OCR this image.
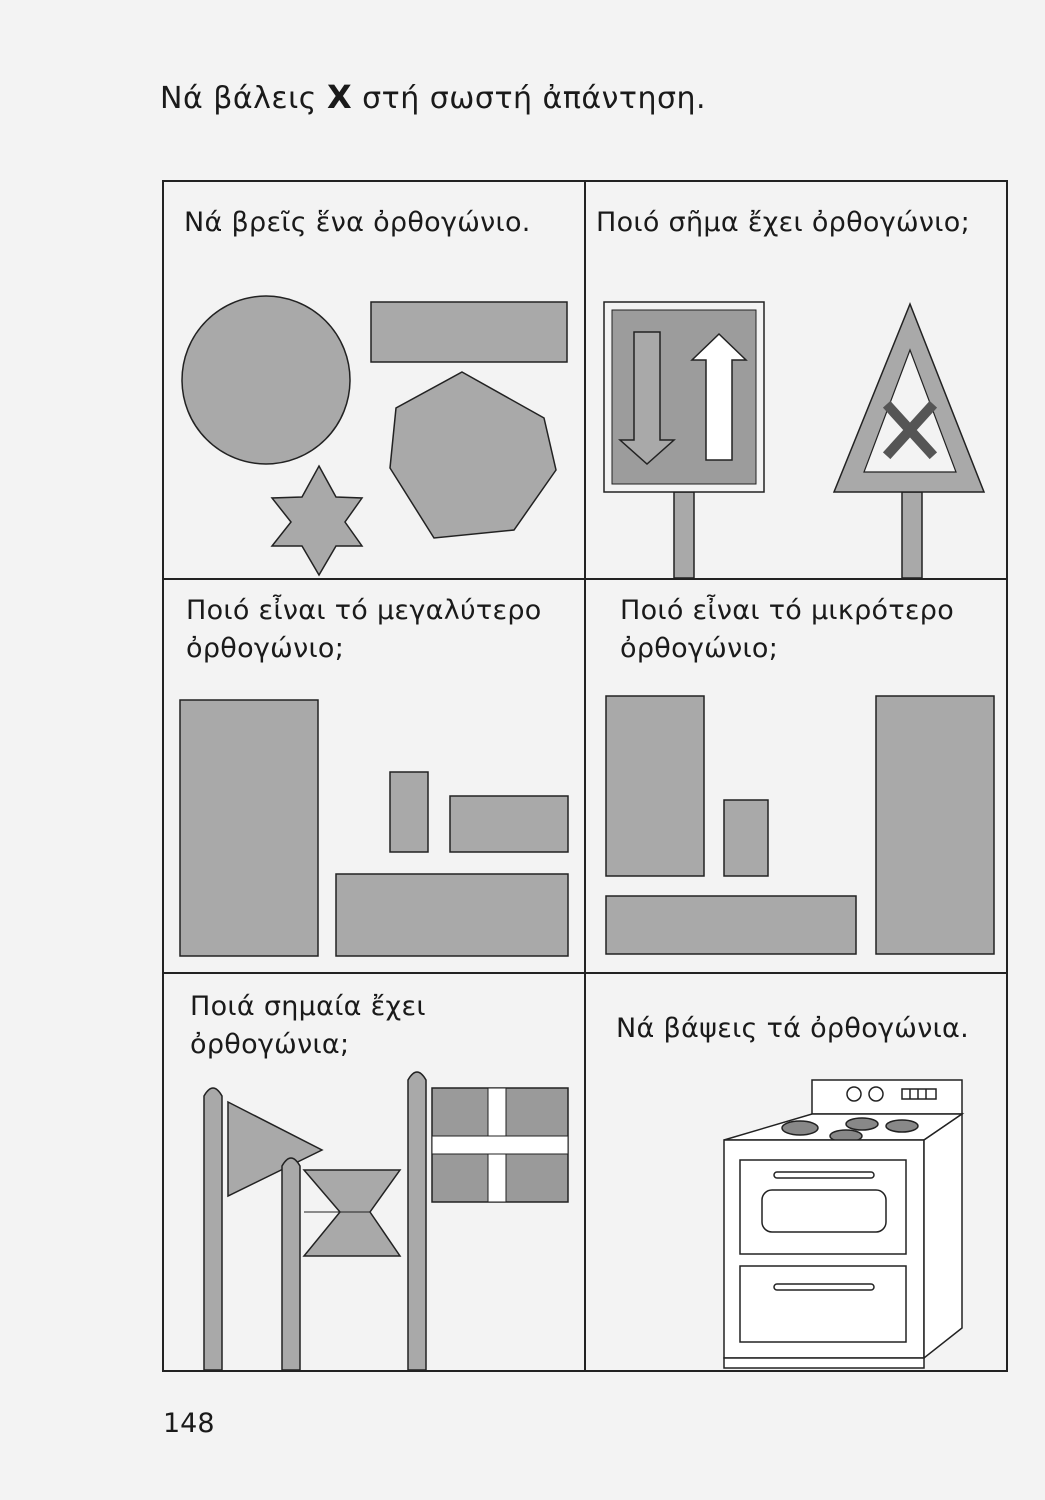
Νά βάλεις X στή σωστή ἀπάντηση.

Νά βρεῖς ἕνα ὀρθογώνιο. Ποιό σῆμα ἔχει ὀρθογώνιο;

Ποιό εἶναι τό μεγαλύτερο
ὀρθογώνιο;

Ποιό εἶναι τό μικρότερο
ὀρθογώνιο;

Ποιά σημαία ἔχει
ὀρθογώνια;

Νά βάψεις τά ὀρθογώνια.

148
